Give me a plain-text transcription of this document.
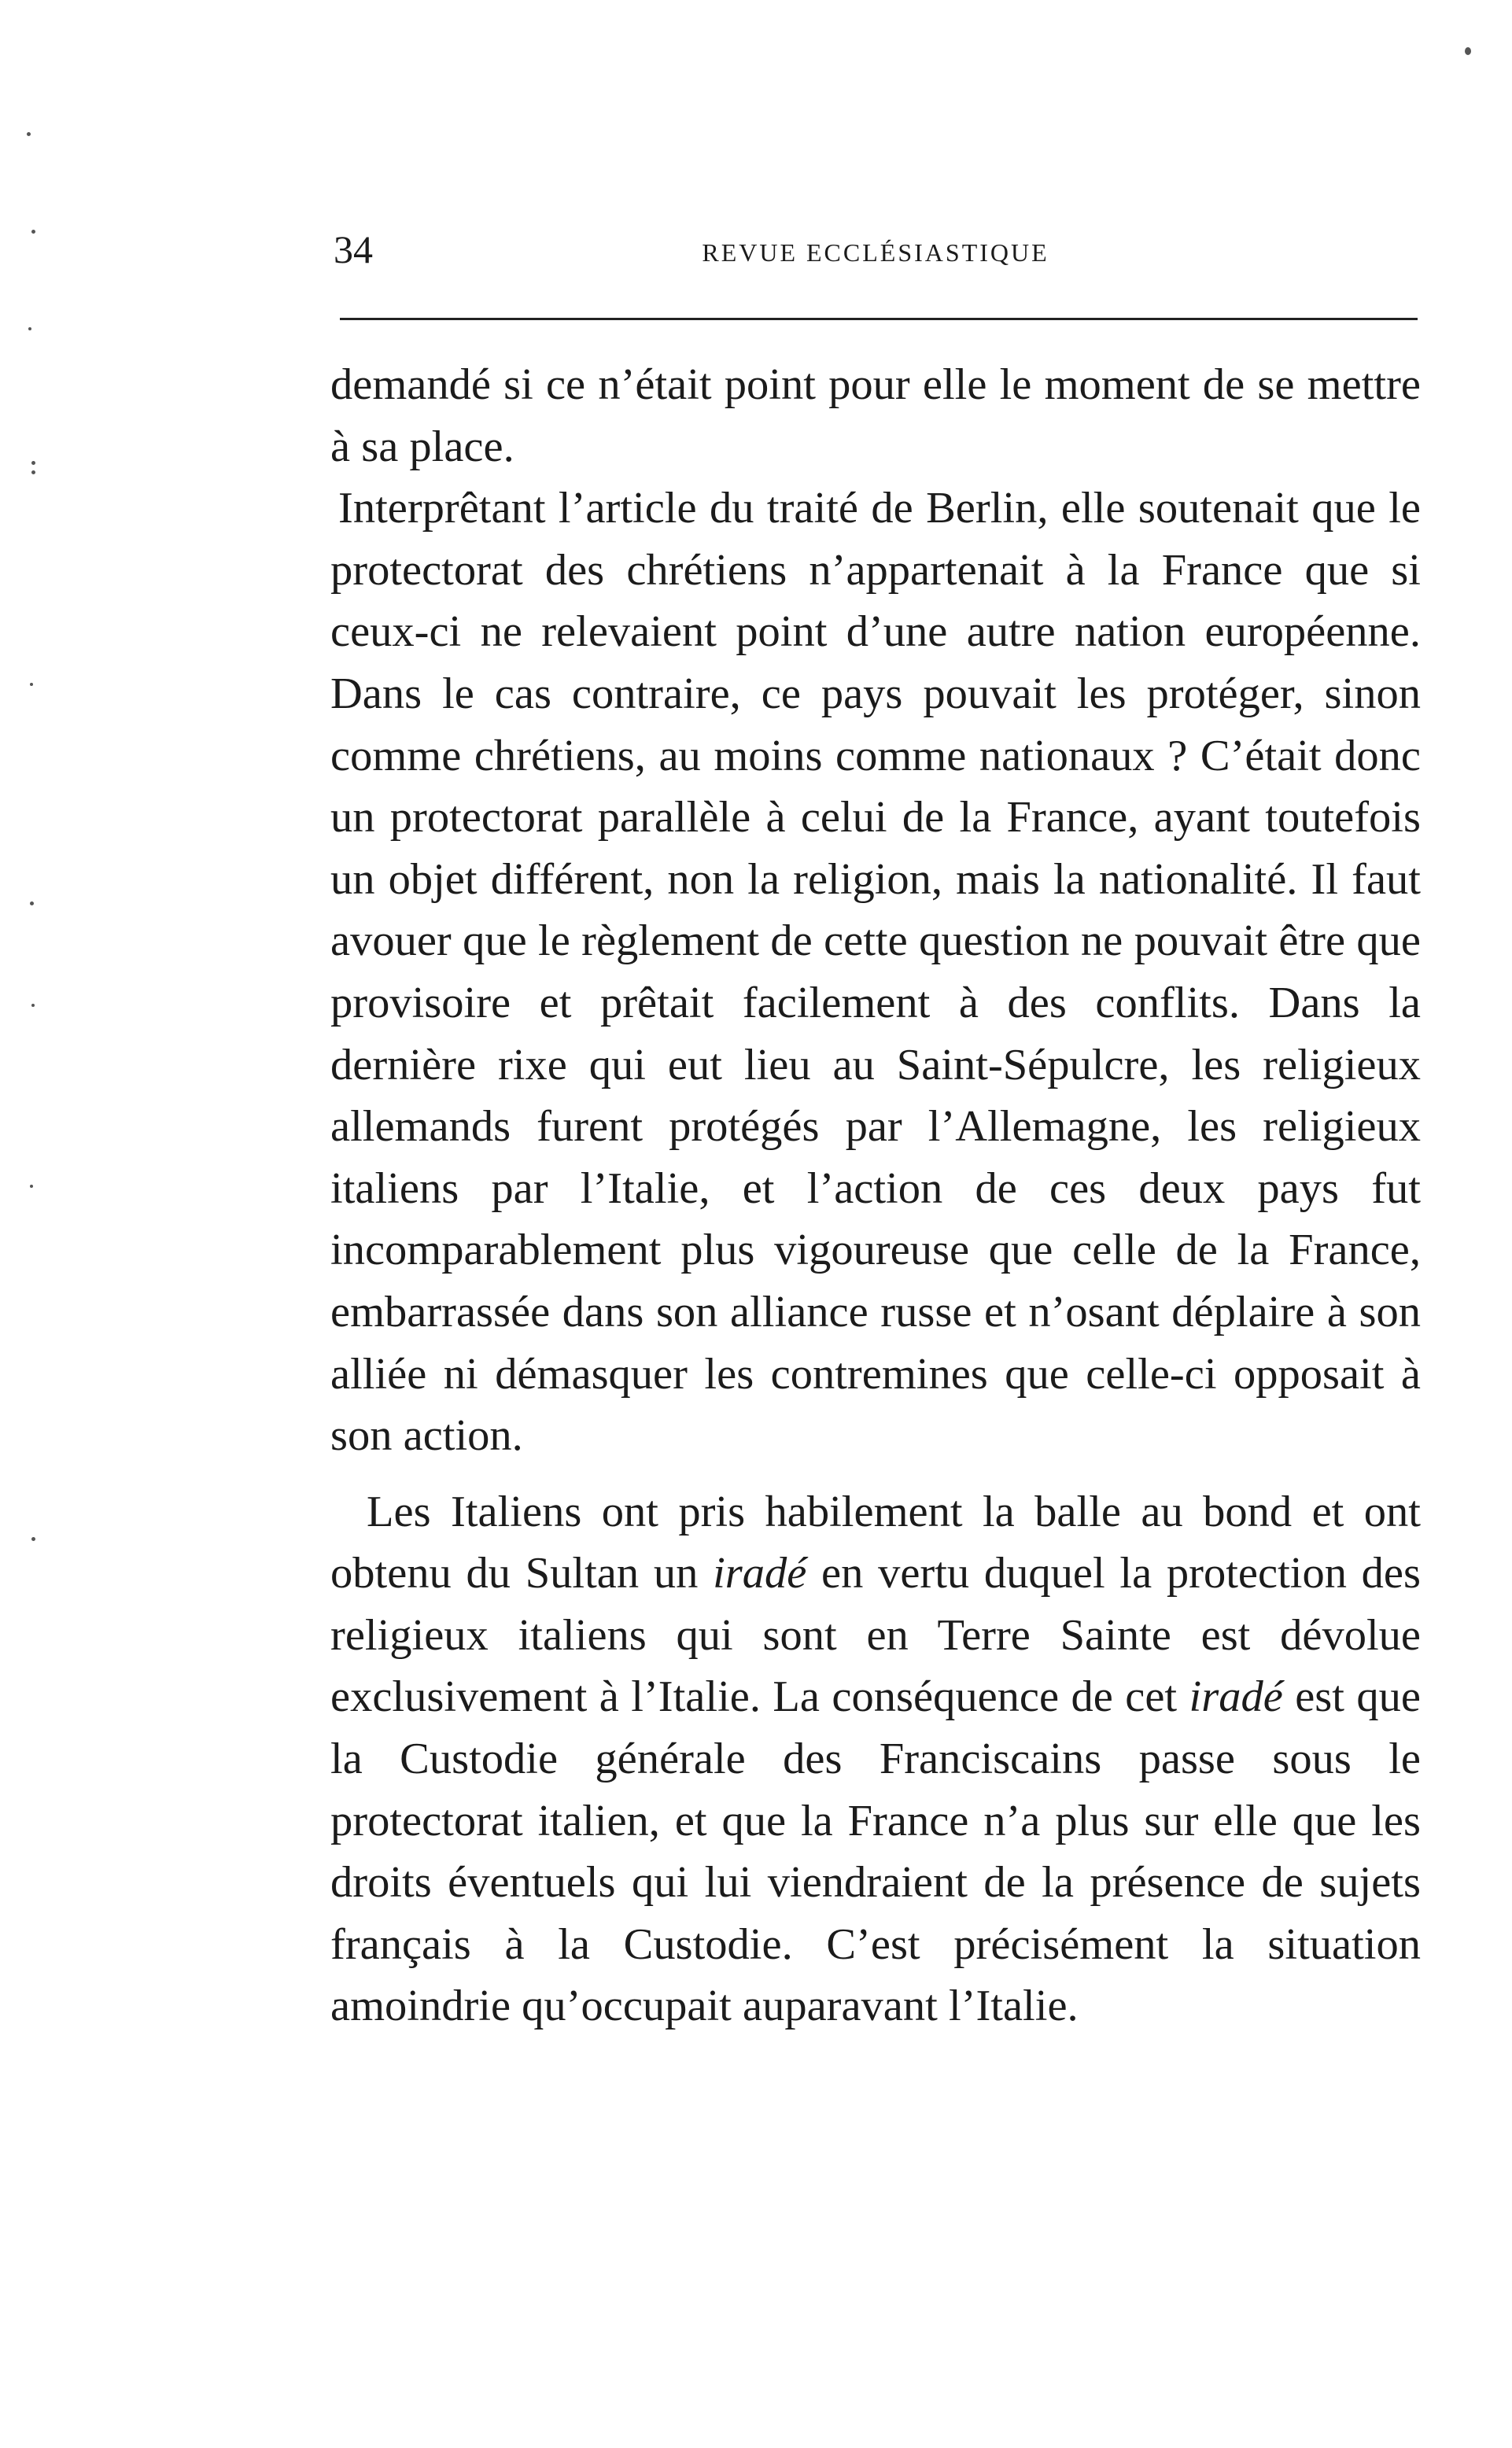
34	REVUE ECCLÉSIASTIQUE

demandé si ce n’était point pour elle le moment de se mettre à sa place.

Interprêtant l’article du traité de Berlin, elle soutenait que le protectorat des chrétiens n’appartenait à la France que si ceux-ci ne relevaient point d’une autre nation européenne. Dans le cas contraire, ce pays pouvait les protéger, sinon comme chrétiens, au moins comme nationaux ? C’était donc un protectorat parallèle à celui de la France, ayant toutefois un objet différent, non la religion, mais la nationalité. Il faut avouer que le règlement de cette question ne pouvait être que provisoire et prêtait facilement à des conflits. Dans la dernière rixe qui eut lieu au Saint-Sépulcre, les religieux allemands furent protégés par l’Allemagne, les religieux italiens par l’Italie, et l’action de ces deux pays fut incomparablement plus vigoureuse que celle de la France, embarrassée dans son alliance russe et n’osant déplaire à son alliée ni démasquer les contremines que celle-ci opposait à son action.

Les Italiens ont pris habilement la balle au bond et ont obtenu du Sultan un iradé en vertu duquel la protection des religieux italiens qui sont en Terre Sainte est dévolue exclusivement à l’Italie. La conséquence de cet iradé est que la Custodie générale des Franciscains passe sous le protectorat italien, et que la France n’a plus sur elle que les droits éventuels qui lui viendraient de la présence de sujets français à la Custodie. C’est précisément la situation amoindrie qu’occupait auparavant l’Italie.
